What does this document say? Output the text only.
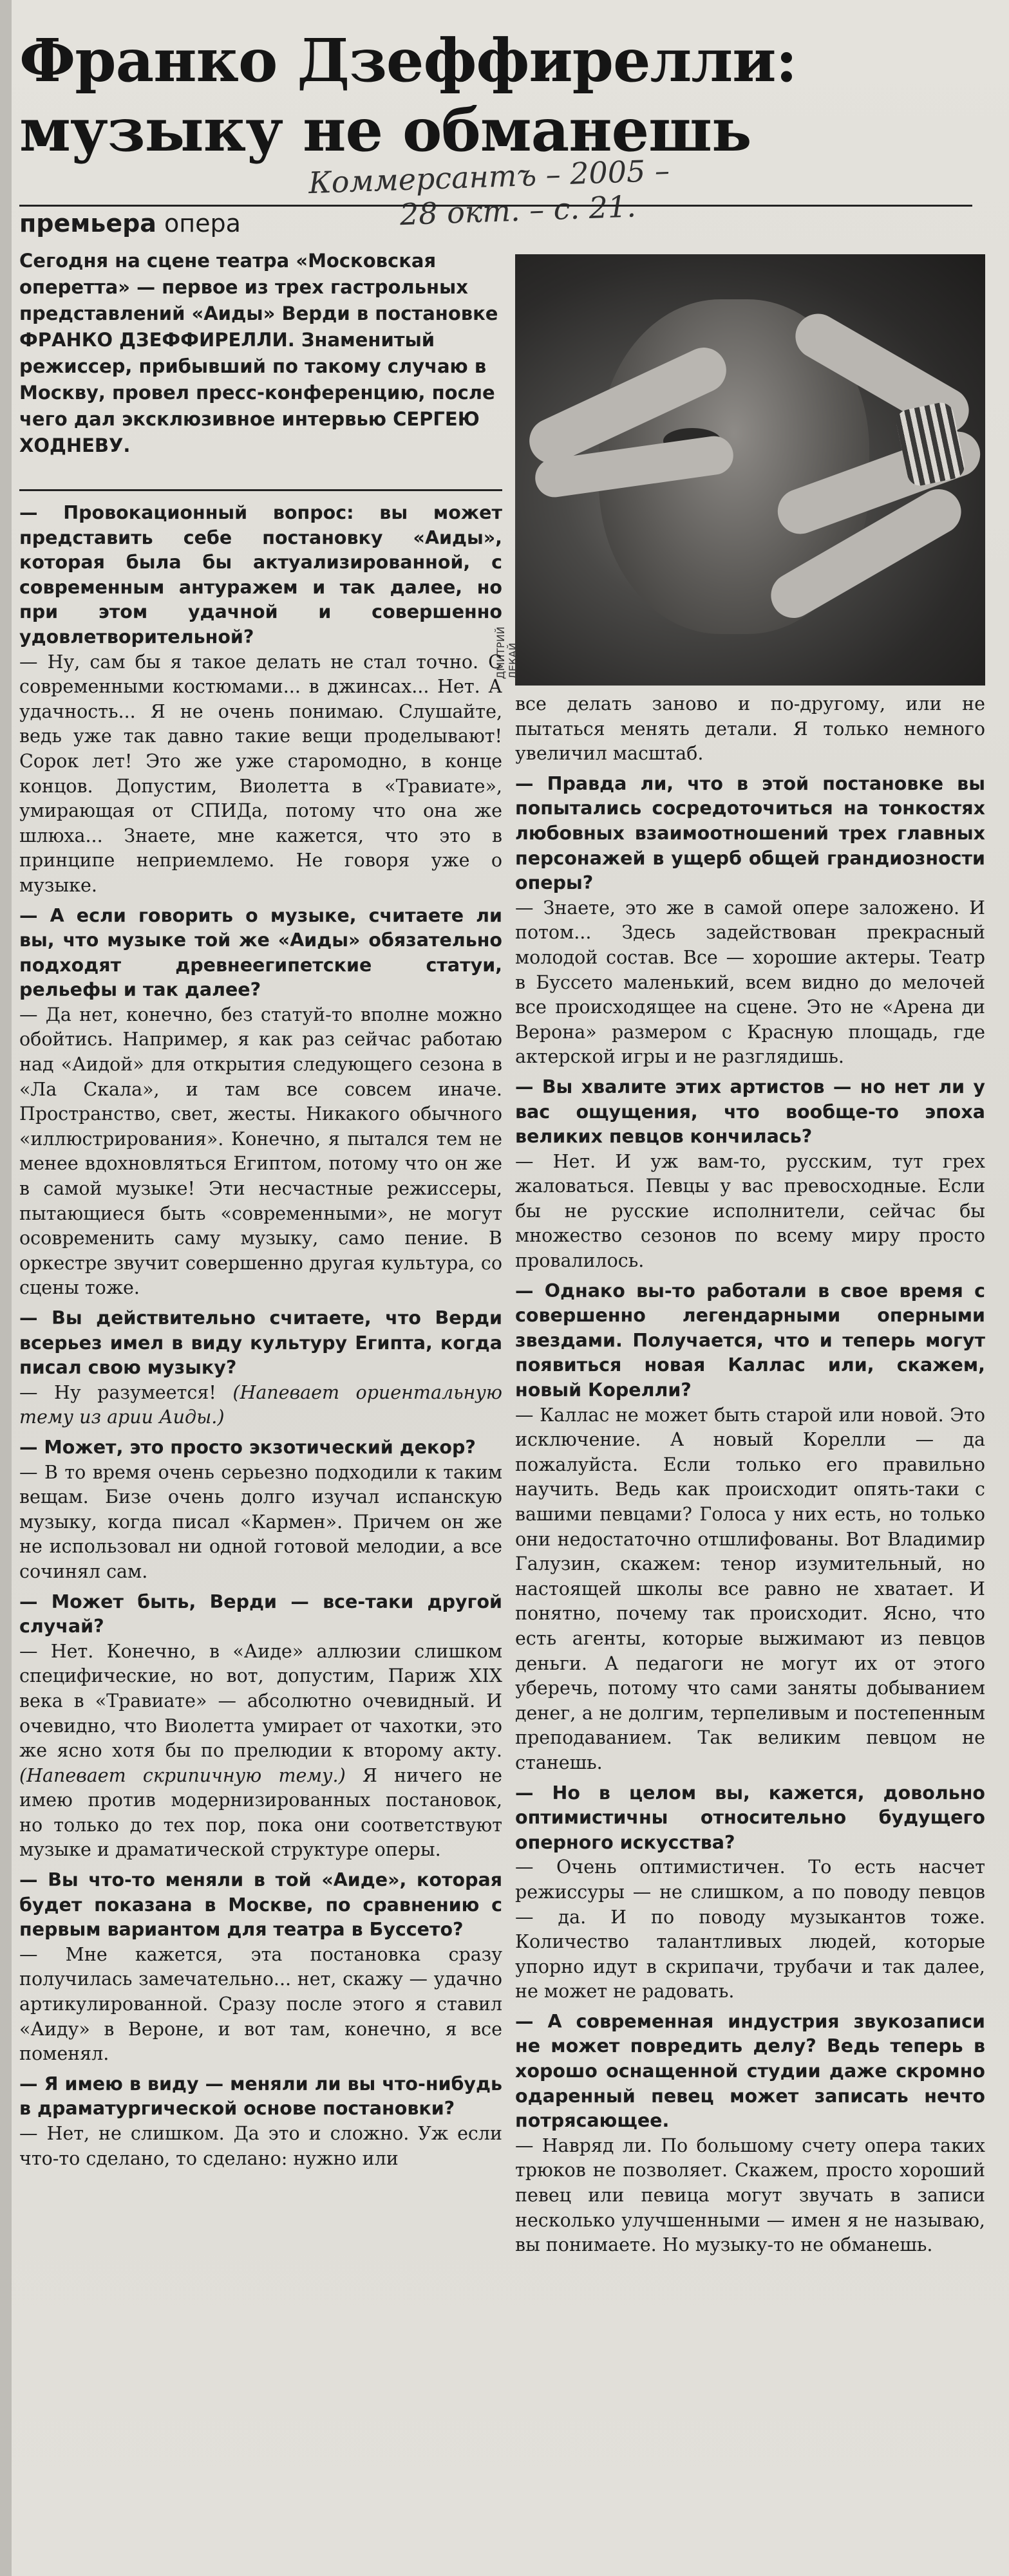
Франко Дзеффирелли: музыку не обманешь
Коммерсантъ – 2005 –
28 окт. – с. 21.
премьера опера

Сегодня на сцене театра «Московская оперетта» — первое из трех гастрольных представлений «Аиды» Верди в постановке ФРАНКО ДЗЕФФИРЕЛЛИ. Знаменитый режиссер, прибывший по такому случаю в Москву, провел пресс-конференцию, после чего дал эксклюзивное интервью СЕРГЕЮ ХОДНЕВУ.

ДМИТРИЙ ЛЕКАЙ

— Провокационный вопрос: вы может представить себе постановку «Аиды», которая была бы актуализированной, с современным антуражем и так далее, но при этом удачной и совершенно удовлетворительной?

— Ну, сам бы я такое делать не стал точно. С современными костюмами... в джинсах... Нет. А удачность... Я не очень понимаю. Слушайте, ведь уже так давно такие вещи проделывают! Сорок лет! Это же уже старомодно, в конце концов. Допустим, Виолетта в «Травиате», умирающая от СПИДа, потому что она же шлюха... Знаете, мне кажется, что это в принципе неприемлемо. Не говоря уже о музыке.

— А если говорить о музыке, считаете ли вы, что музыке той же «Аиды» обязательно подходят древнеегипетские статуи, рельефы и так далее?

— Да нет, конечно, без статуй-то вполне можно обойтись. Например, я как раз сейчас работаю над «Аидой» для открытия следующего сезона в «Ла Скала», и там все совсем иначе. Пространство, свет, жесты. Никакого обычного «иллюстрирования». Конечно, я пытался тем не менее вдохновляться Египтом, потому что он же в самой музыке! Эти несчастные режиссеры, пытающиеся быть «современными», не могут осовременить саму музыку, само пение. В оркестре звучит совершенно другая культура, со сцены тоже.

— Вы действительно считаете, что Верди всерьез имел в виду культуру Египта, когда писал свою музыку?

— Ну разумеется! (Напевает ориентальную тему из арии Аиды.)

— Может, это просто экзотический декор?

— В то время очень серьезно подходили к таким вещам. Бизе очень долго изучал испанскую музыку, когда писал «Кармен». Причем он же не использовал ни одной готовой мелодии, а все сочинял сам.

— Может быть, Верди — все-таки другой случай?

— Нет. Конечно, в «Аиде» аллюзии слишком специфические, но вот, допустим, Париж XIX века в «Травиате» — абсолютно очевидный. И очевидно, что Виолетта умирает от чахотки, это же ясно хотя бы по прелюдии к второму акту. (Напевает скрипичную тему.) Я ничего не имею против модернизированных постановок, но только до тех пор, пока они соответствуют музыке и драматической структуре оперы.

— Вы что-то меняли в той «Аиде», которая будет показана в Москве, по сравнению с первым вариантом для театра в Буссето?

— Мне кажется, эта постановка сразу получилась замечательно... нет, скажу — удачно артикулированной. Сразу после этого я ставил «Аиду» в Вероне, и вот там, конечно, я все поменял.

— Я имею в виду — меняли ли вы что-нибудь в драматургической основе постановки?

— Нет, не слишком. Да это и сложно. Уж если что-то сделано, то сделано: нужно или

все делать заново и по-другому, или не пытаться менять детали. Я только немного увеличил масштаб.

— Правда ли, что в этой постановке вы попытались сосредоточиться на тонкостях любовных взаимоотношений трех главных персонажей в ущерб общей грандиозности оперы?

— Знаете, это же в самой опере заложено. И потом... Здесь задействован прекрасный молодой состав. Все — хорошие актеры. Театр в Буссето маленький, всем видно до мелочей все происходящее на сцене. Это не «Арена ди Верона» размером с Красную площадь, где актерской игры и не разглядишь.

— Вы хвалите этих артистов — но нет ли у вас ощущения, что вообще-то эпоха великих певцов кончилась?

— Нет. И уж вам-то, русским, тут грех жаловаться. Певцы у вас превосходные. Если бы не русские исполнители, сейчас бы множество сезонов по всему миру просто провалилось.

— Однако вы-то работали в свое время с совершенно легендарными оперными звездами. Получается, что и теперь могут появиться новая Каллас или, скажем, новый Корелли?

— Каллас не может быть старой или новой. Это исключение. А новый Корелли — да пожалуйста. Если только его правильно научить. Ведь как происходит опять-таки с вашими певцами? Голоса у них есть, но только они недостаточно отшлифованы. Вот Владимир Галузин, скажем: тенор изумительный, но настоящей школы все равно не хватает. И понятно, почему так происходит. Ясно, что есть агенты, которые выжимают из певцов деньги. А педагоги не могут их от этого уберечь, потому что сами заняты добыванием денег, а не долгим, терпеливым и постепенным преподаванием. Так великим певцом не станешь.

— Но в целом вы, кажется, довольно оптимистичны относительно будущего оперного искусства?

— Очень оптимистичен. То есть насчет режиссуры — не слишком, а по поводу певцов — да. И по поводу музыкантов тоже. Количество талантливых людей, которые упорно идут в скрипачи, трубачи и так далее, не может не радовать.

— А современная индустрия звукозаписи не может повредить делу? Ведь теперь в хорошо оснащенной студии даже скромно одаренный певец может записать нечто потрясающее.

— Навряд ли. По большому счету опера таких трюков не позволяет. Скажем, просто хороший певец или певица могут звучать в записи несколько улучшенными — имен я не называю, вы понимаете. Но музыку-то не обманешь.
